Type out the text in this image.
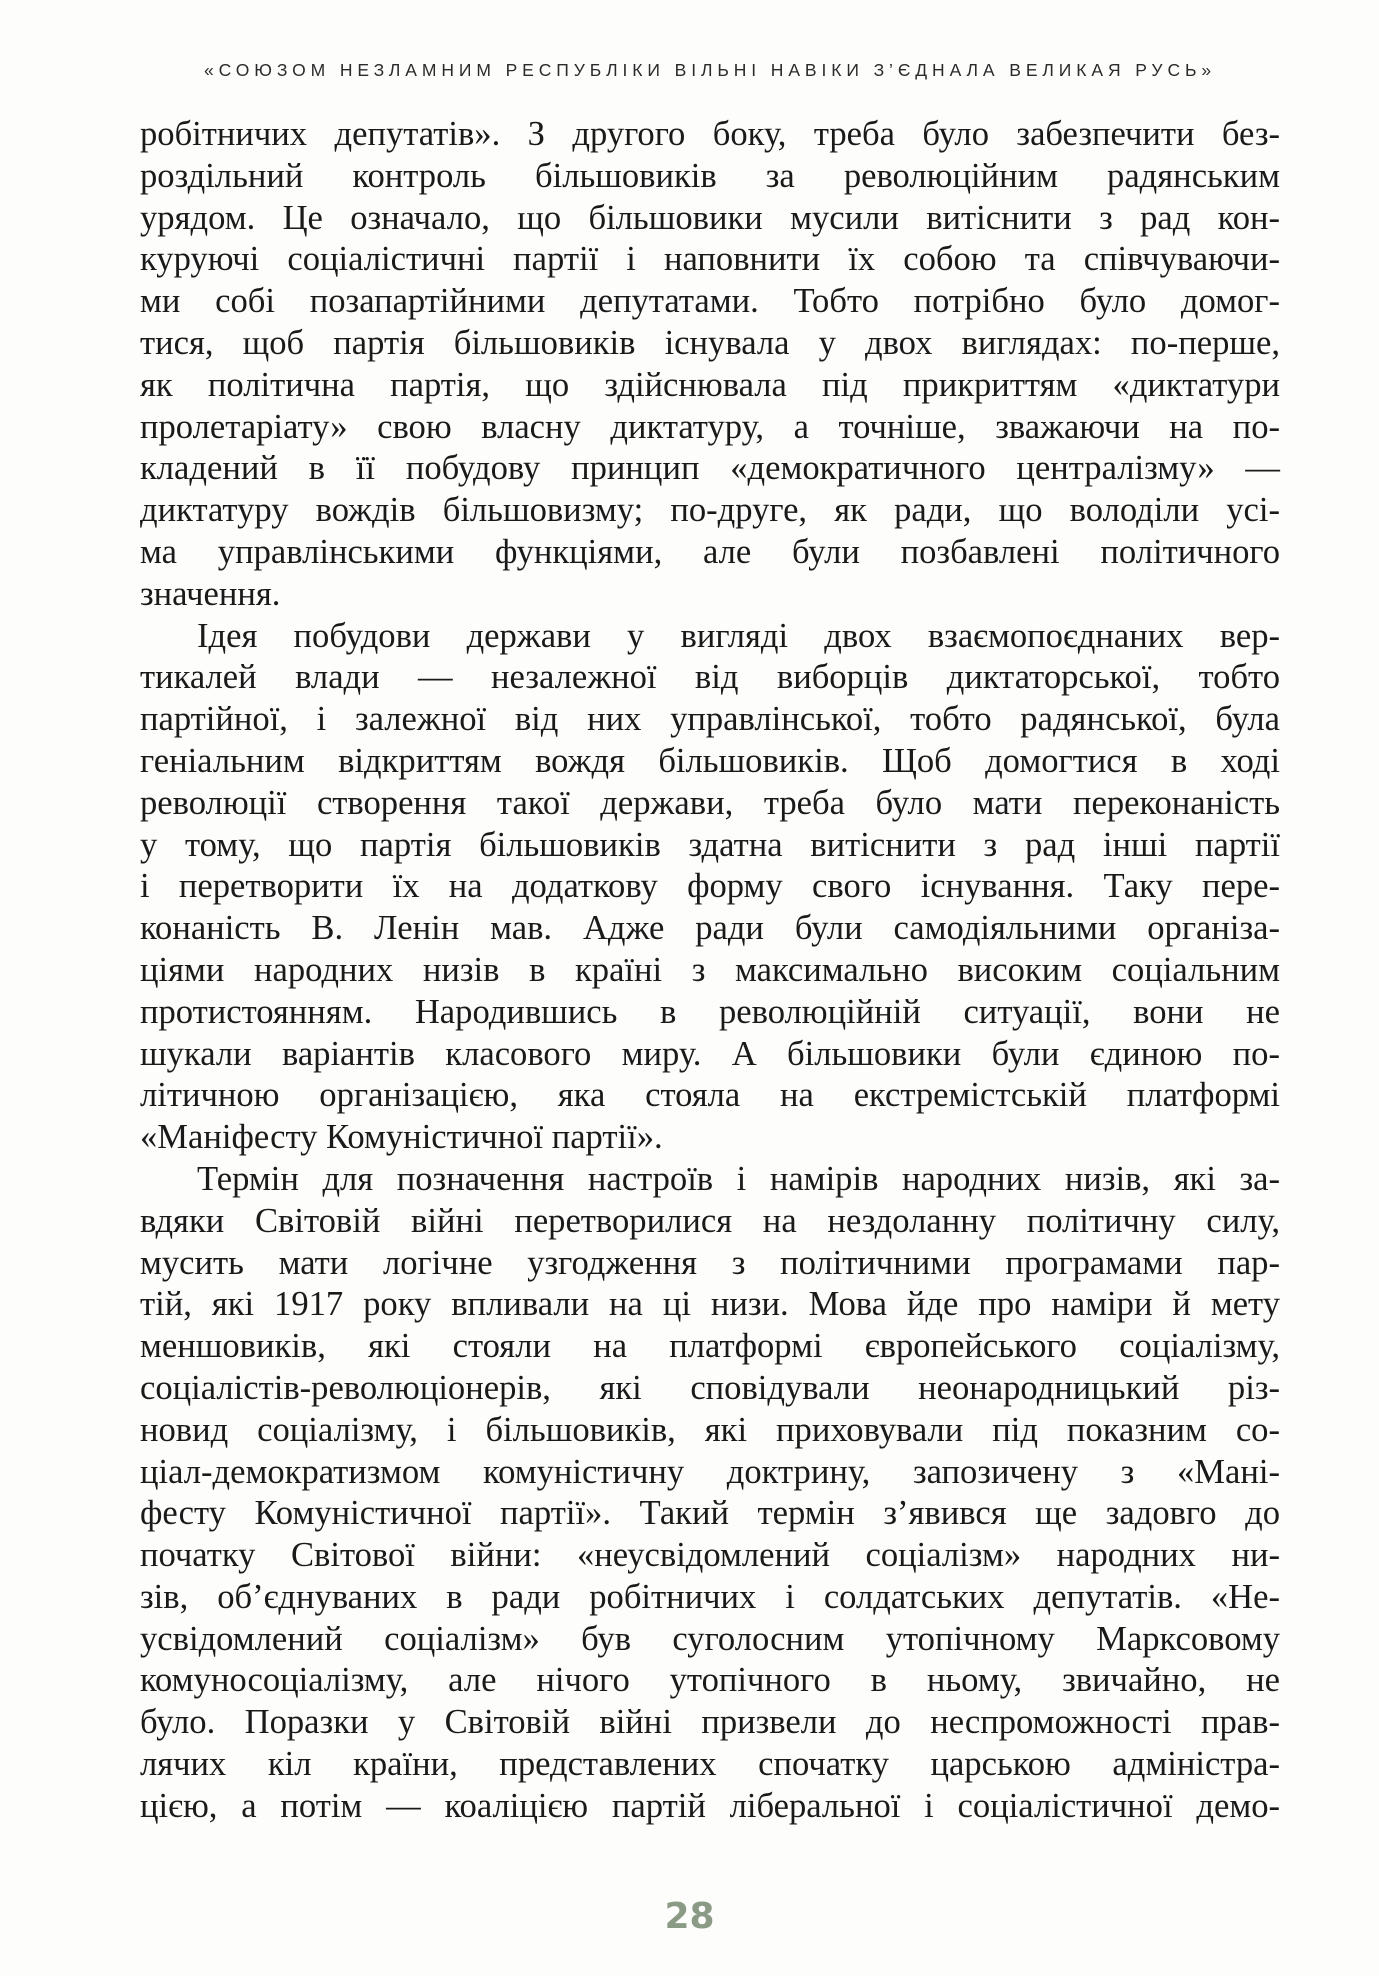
«СОЮЗОМ НЕЗЛАМНИМ РЕСПУБЛІКИ ВІЛЬНІ НАВІКИ З’ЄДНАЛА ВЕЛИКАЯ РУСЬ»

робітничих депутатів». З другого боку, треба було забезпечити без-
роздільний контроль більшовиків за революційним радянським
урядом. Це означало, що більшовики мусили витіснити з рад кон-
куруючі соціалістичні партії і наповнити їх собою та співчуваючи-
ми собі позапартійними депутатами. Тобто потрібно було домог-
тися, щоб партія більшовиків існувала у двох виглядах: по-перше,
як політична партія, що здійснювала під прикриттям «диктатури
пролетаріату» свою власну диктатуру, а точніше, зважаючи на по-
кладений в її побудову принцип «демократичного централізму» —
диктатуру вождів більшовизму; по-друге, як ради, що володіли усі-
ма управлінськими функціями, але були позбавлені політичного
значення.

Ідея побудови держави у вигляді двох взаємопоєднаних вер-
тикалей влади — незалежної від виборців диктаторської, тобто
партійної, і залежної від них управлінської, тобто радянської, була
геніальним відкриттям вождя більшовиків. Щоб домогтися в ході
революції створення такої держави, треба було мати переконаність
у тому, що партія більшовиків здатна витіснити з рад інші партії
і перетворити їх на додаткову форму свого існування. Таку пере-
конаність В. Ленін мав. Адже ради були самодіяльними організа-
ціями народних низів в країні з максимально високим соціальним
протистоянням. Народившись в революційній ситуації, вони не
шукали варіантів класового миру. А більшовики були єдиною по-
літичною організацією, яка стояла на екстремістській платформі
«Маніфесту Комуністичної партії».

Термін для позначення настроїв і намірів народних низів, які за-
вдяки Світовій війні перетворилися на нездоланну політичну силу,
мусить мати логічне узгодження з політичними програмами пар-
тій, які 1917 року впливали на ці низи. Мова йде про наміри й мету
меншовиків, які стояли на платформі європейського соціалізму,
соціалістів-революціонерів, які сповідували неонародницький різ-
новид соціалізму, і більшовиків, які приховували під показним со-
ціал-демократизмом комуністичну доктрину, запозичену з «Мані-
фесту Комуністичної партії». Такий термін з’явився ще задовго до
початку Світової війни: «неусвідомлений соціалізм» народних ни-
зів, об’єднуваних в ради робітничих і солдатських депутатів. «Не-
усвідомлений соціалізм» був суголосним утопічному Марксовому
комуносоціалізму, але нічого утопічного в ньому, звичайно, не
було. Поразки у Світовій війні призвели до неспроможності прав-
лячих кіл країни, представлених спочатку царською адміністра-
цією, а потім — коаліцією партій ліберальної і соціалістичної демо-

28
